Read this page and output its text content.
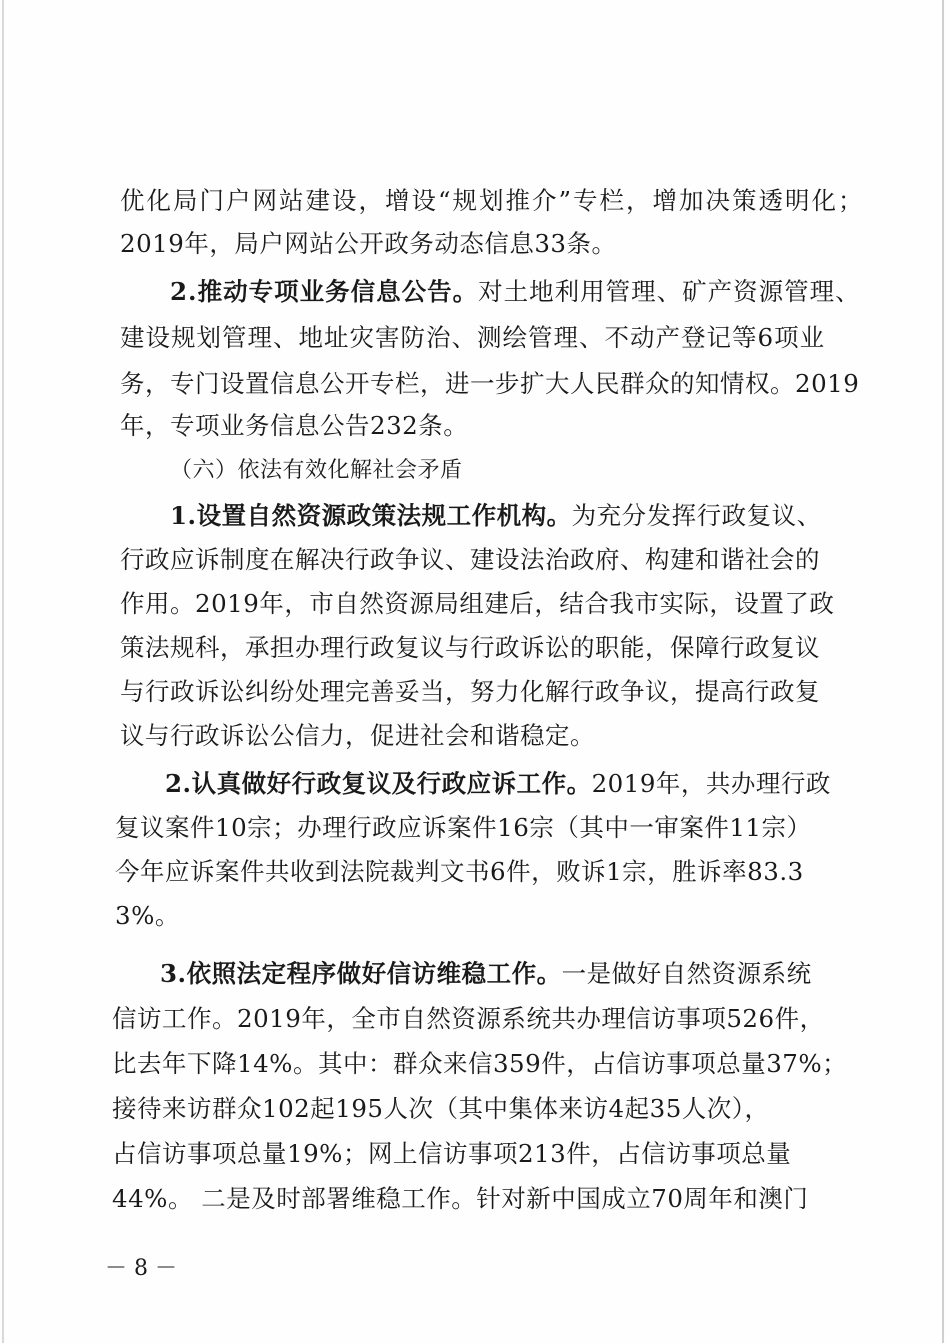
优化局门户网站建设，增设“规划推介”专栏，增加决策透明化；
2019年，局户网站公开政务动态信息33条。
2.推动专项业务信息公告。对土地利用管理、矿产资源管理、
建设规划管理、地址灾害防治、测绘管理、不动产登记等6项业
务，专门设置信息公开专栏，进一步扩大人民群众的知情权。2019
年，专项业务信息公告232条。
（六）依法有效化解社会矛盾
1.设置自然资源政策法规工作机构。为充分发挥行政复议、
行政应诉制度在解决行政争议、建设法治政府、构建和谐社会的
作用。2019年，市自然资源局组建后，结合我市实际，设置了政
策法规科，承担办理行政复议与行政诉讼的职能，保障行政复议
与行政诉讼纠纷处理完善妥当，努力化解行政争议，提高行政复
议与行政诉讼公信力，促进社会和谐稳定。
2.认真做好行政复议及行政应诉工作。2019年，共办理行政
复议案件10宗；办理行政应诉案件16宗（其中一审案件11宗）
今年应诉案件共收到法院裁判文书6件，败诉1宗，胜诉率83.3
3%。
3.依照法定程序做好信访维稳工作。一是做好自然资源系统
信访工作。2019年，全市自然资源系统共办理信访事项526件，
比去年下降14%。其中：群众来信359件，占信访事项总量37%；
接待来访群众102起195人次（其中集体来访4起35人次），
占信访事项总量19%；网上信访事项213件，占信访事项总量
44%。 二是及时部署维稳工作。针对新中国成立70周年和澳门
－ 8 －
